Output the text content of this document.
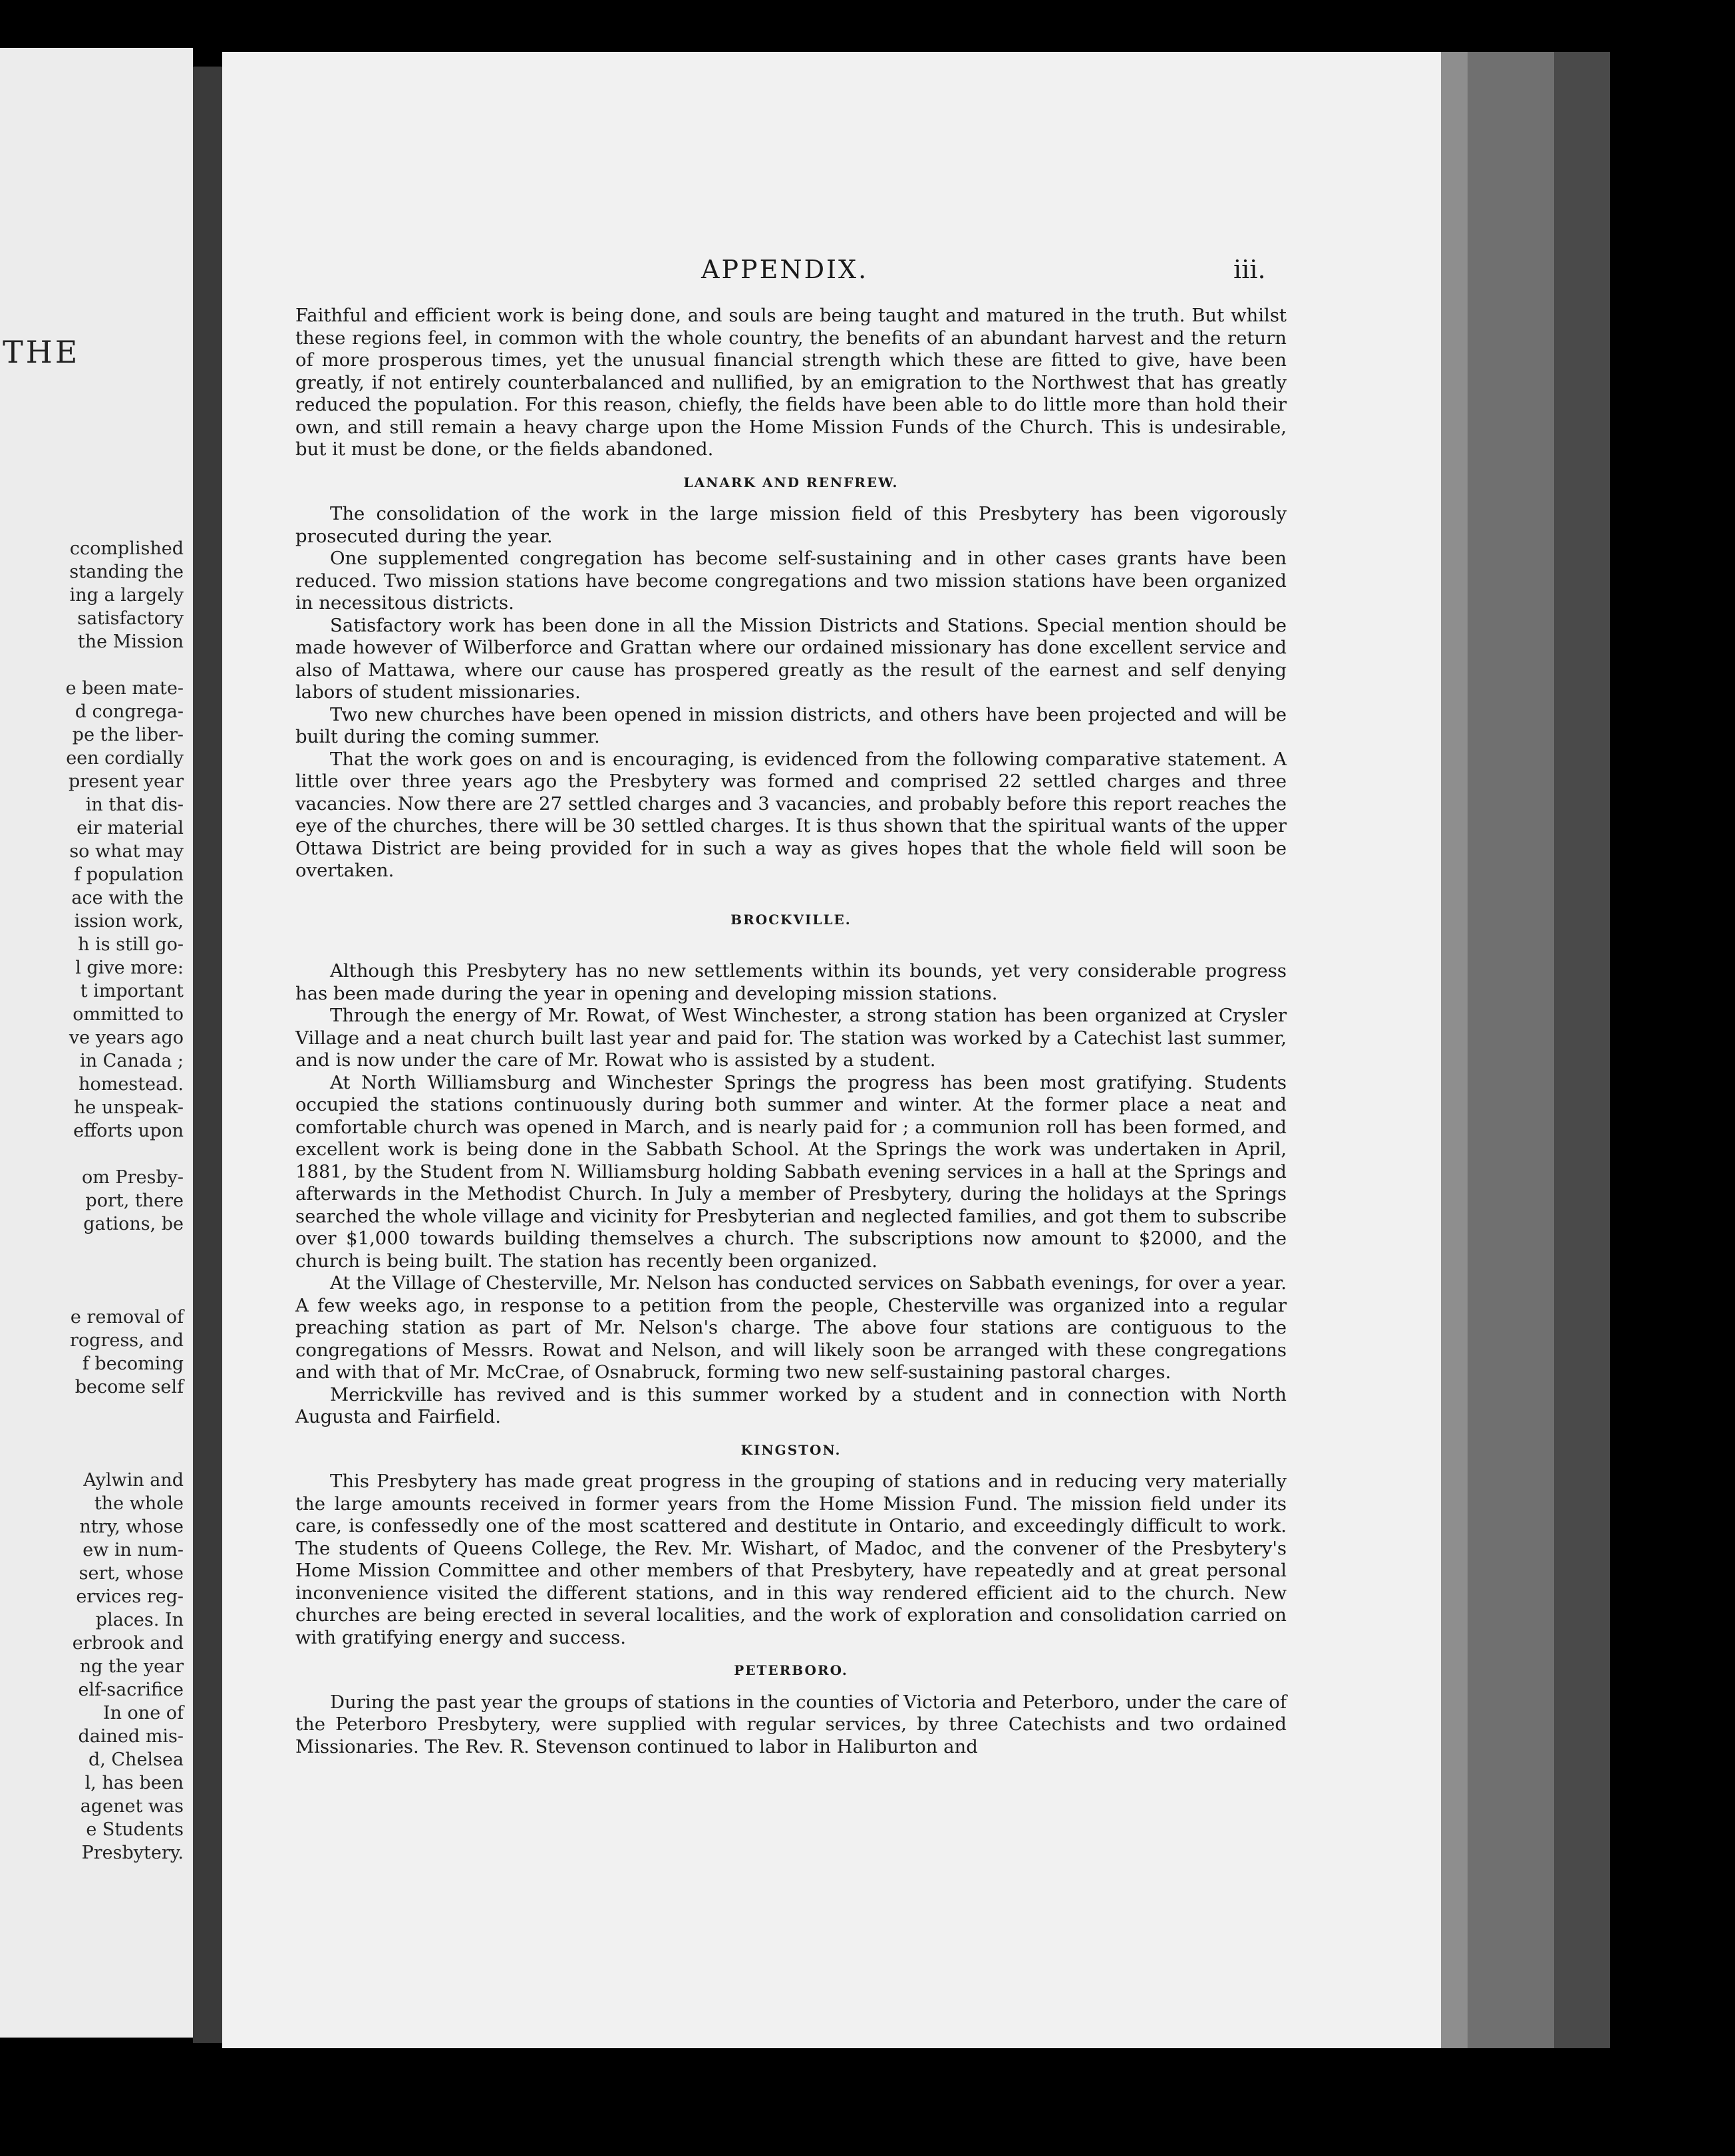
THE
ccomplished
standing the
ing a largely
satisfactory
the Mission
e been mate-
d congrega-
pe the liber-
een cordially
present year
in that dis-
eir material
so what may
f population
ace with the
ission work,
h is still go-
l give more:
t important
ommitted to
ve years ago
in Canada ;
homestead.
he unspeak-
efforts upon
om Presby-
port, there
gations, be
e removal of
rogress, and
f becoming
become self
Aylwin and
the whole
ntry, whose
ew in num-
sert, whose
ervices reg-
places. In
erbrook and
ng the year
elf-sacrifice
In one of
dained mis-
d, Chelsea
l, has been
agenet was
e Students
Presbytery.
APPENDIX.	iii.

Faithful and efficient work is being done, and souls are being taught and matured in the truth. But whilst these regions feel, in common with the whole country, the benefits of an abundant harvest and the return of more prosperous times, yet the unusual financial strength which these are fitted to give, have been greatly, if not entirely counterbalanced and nullified, by an emigration to the Northwest that has greatly reduced the population. For this reason, chiefly, the fields have been able to do little more than hold their own, and still remain a heavy charge upon the Home Mission Funds of the Church. This is undesirable, but it must be done, or the fields abandoned.

LANARK AND RENFREW.

The consolidation of the work in the large mission field of this Presbytery has been vigorously prosecuted during the year.

One supplemented congregation has become self-sustaining and in other cases grants have been reduced. Two mission stations have become congregations and two mission stations have been organized in necessitous districts.

Satisfactory work has been done in all the Mission Districts and Stations. Special mention should be made however of Wilberforce and Grattan where our ordained missionary has done excellent service and also of Mattawa, where our cause has prospered greatly as the result of the earnest and self denying labors of student missionaries.

Two new churches have been opened in mission districts, and others have been projected and will be built during the coming summer.

That the work goes on and is encouraging, is evidenced from the following comparative statement. A little over three years ago the Presbytery was formed and comprised 22 settled charges and three vacancies. Now there are 27 settled charges and 3 vacancies, and probably before this report reaches the eye of the churches, there will be 30 settled charges. It is thus shown that the spiritual wants of the upper Ottawa District are being provided for in such a way as gives hopes that the whole field will soon be overtaken.

BROCKVILLE.

Although this Presbytery has no new settlements within its bounds, yet very considerable progress has been made during the year in opening and developing mission stations.

Through the energy of Mr. Rowat, of West Winchester, a strong station has been organized at Crysler Village and a neat church built last year and paid for. The station was worked by a Catechist last summer, and is now under the care of Mr. Rowat who is assisted by a student.

At North Williamsburg and Winchester Springs the progress has been most gratifying. Students occupied the stations continuously during both summer and winter. At the former place a neat and comfortable church was opened in March, and is nearly paid for ; a communion roll has been formed, and excellent work is being done in the Sabbath School. At the Springs the work was undertaken in April, 1881, by the Student from N. Williamsburg holding Sabbath evening services in a hall at the Springs and afterwards in the Methodist Church. In July a member of Presbytery, during the holidays at the Springs searched the whole village and vicinity for Presbyterian and neglected families, and got them to subscribe over $1,000 towards building themselves a church. The subscriptions now amount to $2000, and the church is being built. The station has recently been organized.

At the Village of Chesterville, Mr. Nelson has conducted services on Sabbath evenings, for over a year. A few weeks ago, in response to a petition from the people, Chesterville was organized into a regular preaching station as part of Mr. Nelson's charge. The above four stations are contiguous to the congregations of Messrs. Rowat and Nelson, and will likely soon be arranged with these congregations and with that of Mr. McCrae, of Osnabruck, forming two new self-sustaining pastoral charges.

Merrickville has revived and is this summer worked by a student and in connection with North Augusta and Fairfield.

KINGSTON.

This Presbytery has made great progress in the grouping of stations and in reducing very materially the large amounts received in former years from the Home Mission Fund. The mission field under its care, is confessedly one of the most scattered and destitute in Ontario, and exceedingly difficult to work. The students of Queens College, the Rev. Mr. Wishart, of Madoc, and the convener of the Presbytery's Home Mission Committee and other members of that Presbytery, have repeatedly and at great personal inconvenience visited the different stations, and in this way rendered efficient aid to the church. New churches are being erected in several localities, and the work of exploration and consolidation carried on with gratifying energy and success.

PETERBORO.

During the past year the groups of stations in the counties of Victoria and Peterboro, under the care of the Peterboro Presbytery, were supplied with regular services, by three Catechists and two ordained Missionaries. The Rev. R. Stevenson continued to labor in Haliburton and
